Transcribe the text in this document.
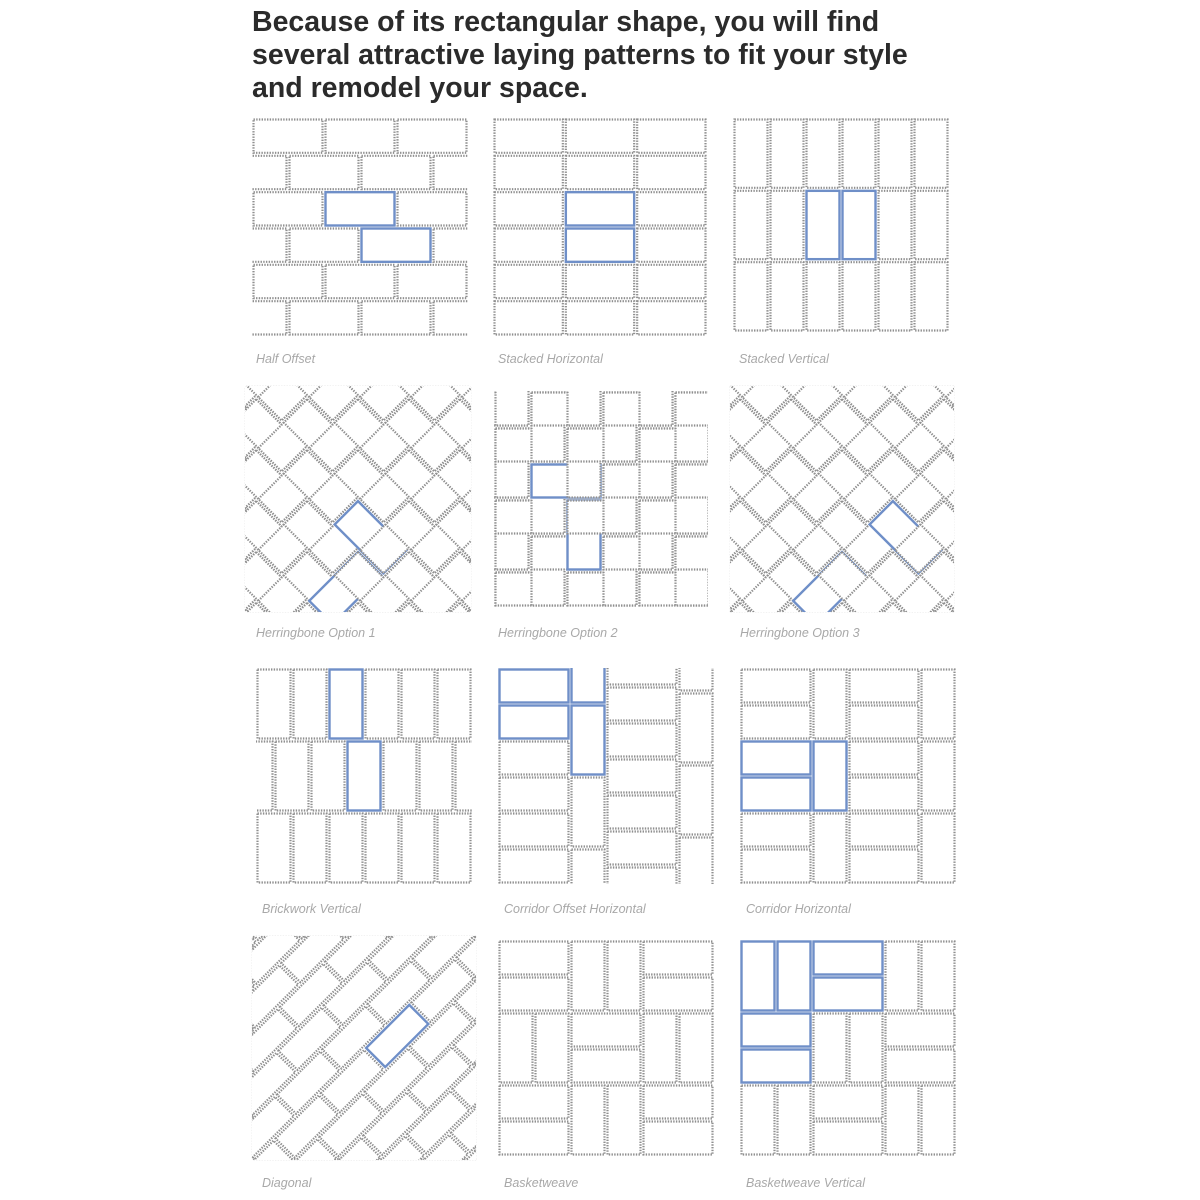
Because of its rectangular shape, you will find
several attractive laying patterns to fit your style
and remodel your space.
Half Offset	Stacked Horizontal	Stacked Vertical
Herringbone Option 1	Herringbone Option 2	Herringbone Option 3
Brickwork Vertical	Corridor Offset Horizontal	Corridor Horizontal
Diagonal	Basketweave	Basketweave Vertical
